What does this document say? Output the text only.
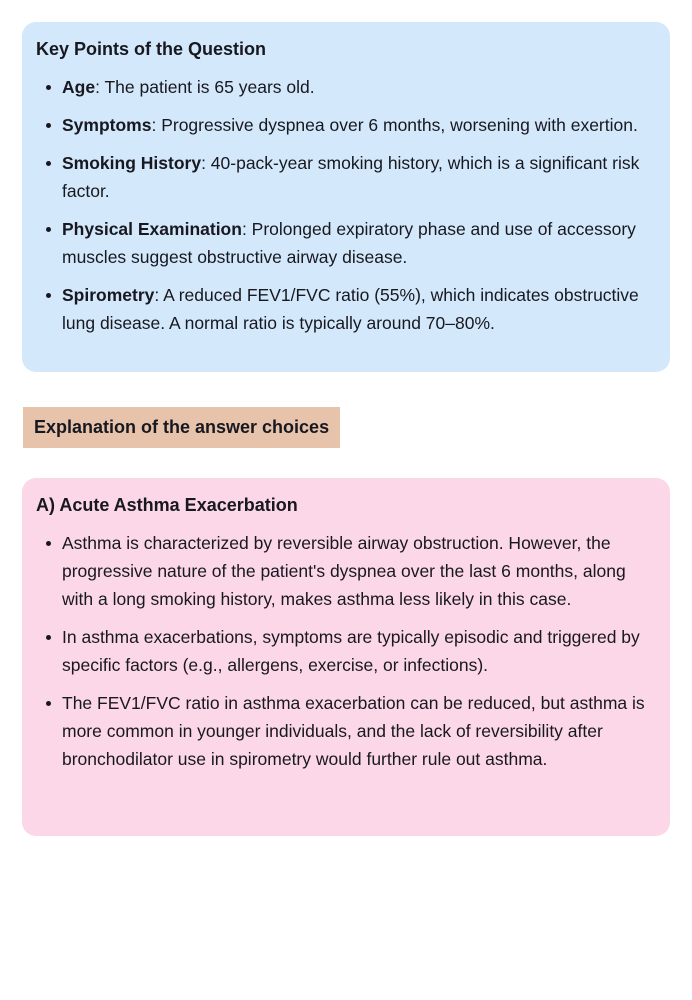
Key Points of the Question
Age: The patient is 65 years old.
Symptoms: Progressive dyspnea over 6 months, worsening with exertion.
Smoking History: 40-pack-year smoking history, which is a significant risk factor.
Physical Examination: Prolonged expiratory phase and use of accessory muscles suggest obstructive airway disease.
Spirometry: A reduced FEV1/FVC ratio (55%), which indicates obstructive lung disease. A normal ratio is typically around 70–80%.
Explanation of the answer choices
A) Acute Asthma Exacerbation
Asthma is characterized by reversible airway obstruction. However, the progressive nature of the patient's dyspnea over the last 6 months, along with a long smoking history, makes asthma less likely in this case.
In asthma exacerbations, symptoms are typically episodic and triggered by specific factors (e.g., allergens, exercise, or infections).
The FEV1/FVC ratio in asthma exacerbation can be reduced, but asthma is more common in younger individuals, and the lack of reversibility after bronchodilator use in spirometry would further rule out asthma.
